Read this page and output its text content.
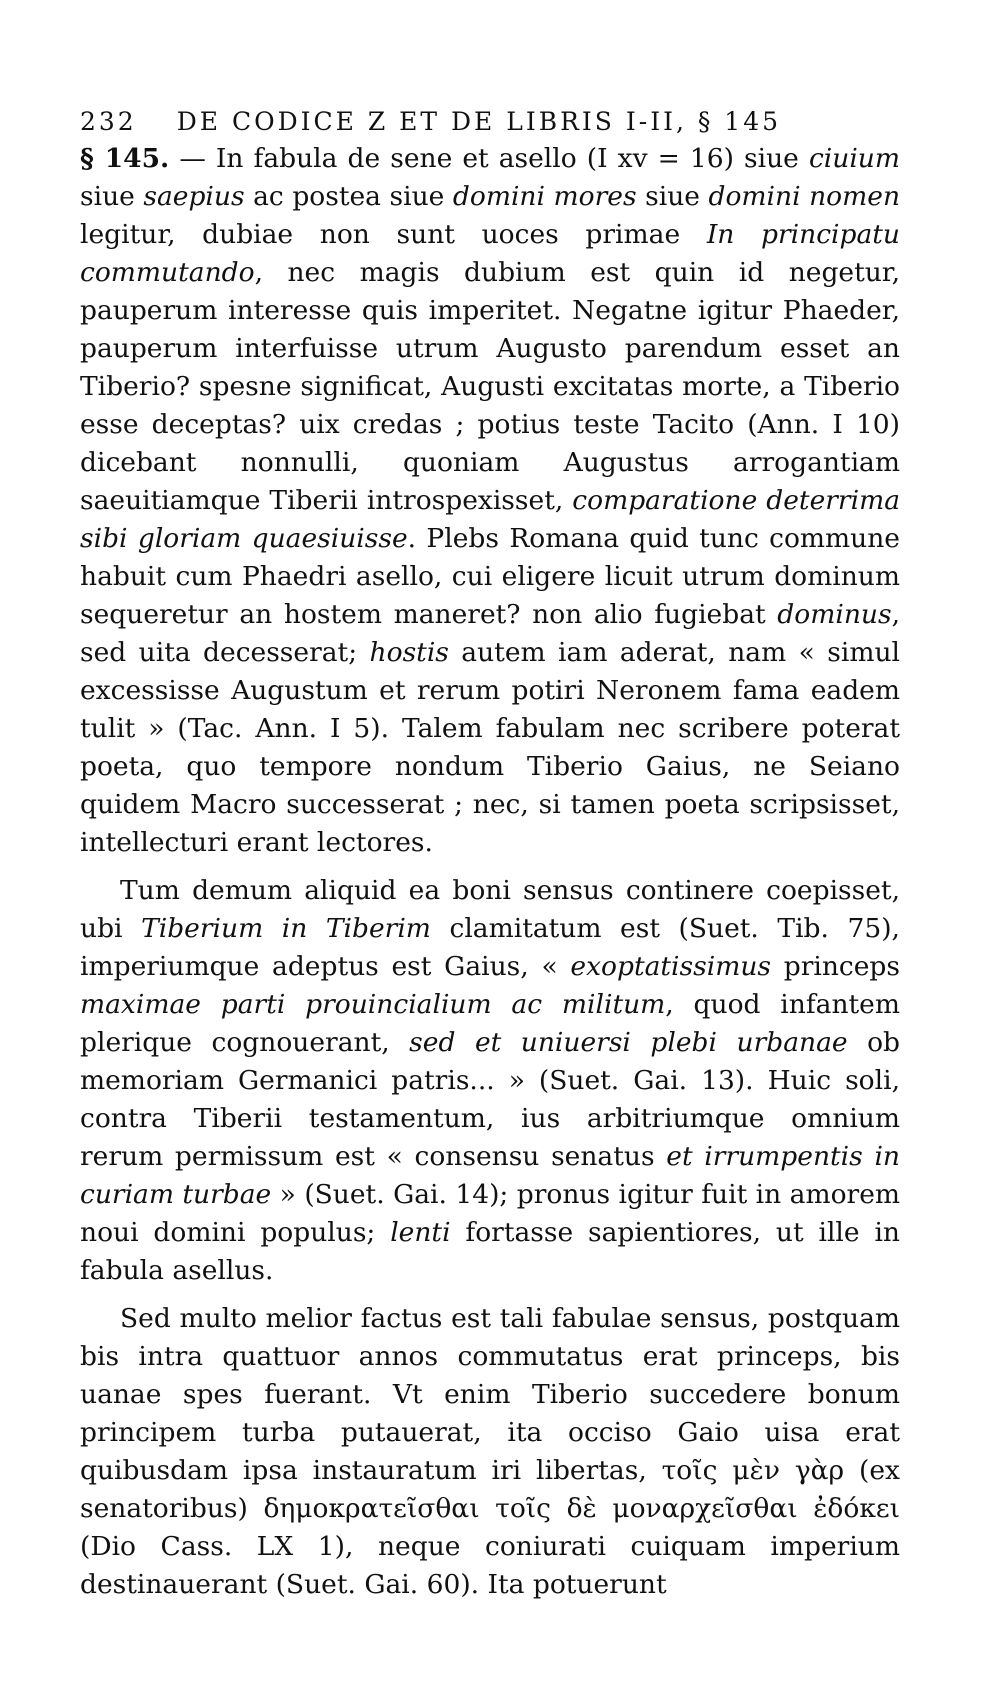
232 DE CODICE Z ET DE LIBRIS I-II, § 145

§ 145. — In fabula de sene et asello (I xv = 16) siue ciuium siue saepius ac postea siue domini mores siue domini nomen legitur, dubiae non sunt uoces primae In principatu commutando, nec magis dubium est quin id negetur, pauperum interesse quis imperitet. Negatne igitur Phaeder, pauperum interfuisse utrum Augusto parendum esset an Tiberio? spesne significat, Augusti excitatas morte, a Tiberio esse deceptas? uix credas ; potius teste Tacito (Ann. I 10) dicebant nonnulli, quoniam Augustus arrogantiam saeuitiamque Tiberii introspexisset, comparatione deterrima sibi gloriam quaesiuisse. Plebs Romana quid tunc commune habuit cum Phaedri asello, cui eligere licuit utrum dominum sequeretur an hostem maneret? non alio fugiebat dominus, sed uita decesserat; hostis autem iam aderat, nam « simul excessisse Augustum et rerum potiri Neronem fama eadem tulit » (Tac. Ann. I 5). Talem fabulam nec scribere poterat poeta, quo tempore nondum Tiberio Gaius, ne Seiano quidem Macro successerat ; nec, si tamen poeta scripsisset, intellecturi erant lectores.

Tum demum aliquid ea boni sensus continere coepisset, ubi Tiberium in Tiberim clamitatum est (Suet. Tib. 75), imperiumque adeptus est Gaius, « exoptatissimus princeps maximae parti prouincialium ac militum, quod infantem plerique cognouerant, sed et uniuersi plebi urbanae ob memoriam Germanici patris... » (Suet. Gai. 13). Huic soli, contra Tiberii testamentum, ius arbitriumque omnium rerum permissum est « consensu senatus et irrumpentis in curiam turbae » (Suet. Gai. 14); pronus igitur fuit in amorem noui domini populus; lenti fortasse sapientiores, ut ille in fabula asellus.

Sed multo melior factus est tali fabulae sensus, postquam bis intra quattuor annos commutatus erat princeps, bis uanae spes fuerant. Vt enim Tiberio succedere bonum principem turba putauerat, ita occiso Gaio uisa erat quibusdam ipsa instauratum iri libertas, τοῖς μὲν γὰρ (ex senatoribus) δημοκρατεῖσθαι τοῖς δὲ μοναρχεῖσθαι ἐδόκει (Dio Cass. LX 1), neque coniurati cuiquam imperium destinauerant (Suet. Gai. 60). Ita potuerunt
